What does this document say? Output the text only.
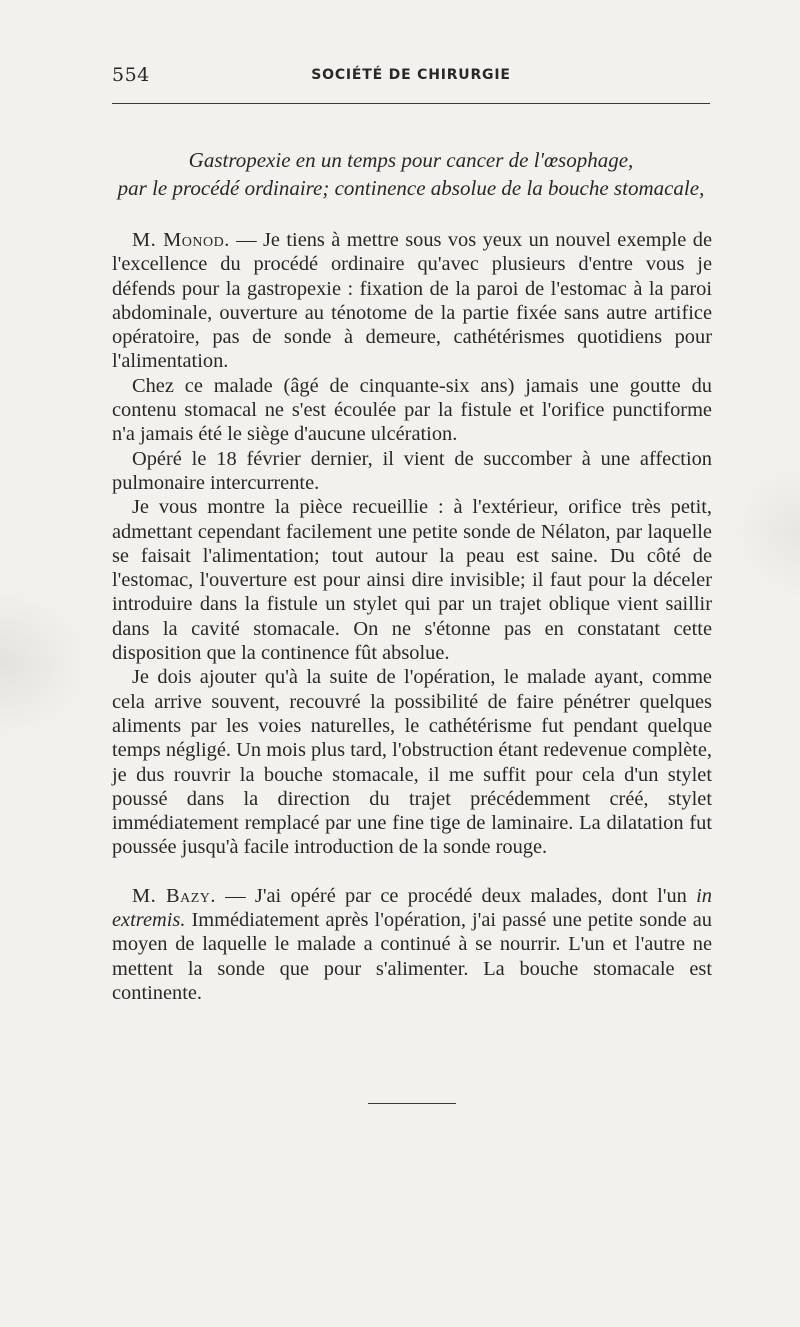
554	SOCIÉTÉ DE CHIRURGIE
Gastropexie en un temps pour cancer de l'œsophage,
par le procédé ordinaire; continence absolue de la bouche stomacale,

M. Monod. — Je tiens à mettre sous vos yeux un nouvel exemple de l'excellence du procédé ordinaire qu'avec plusieurs d'entre vous je défends pour la gastropexie : fixation de la paroi de l'estomac à la paroi abdominale, ouverture au ténotome de la partie fixée sans autre artifice opératoire, pas de sonde à demeure, cathétérismes quotidiens pour l'alimentation.

Chez ce malade (âgé de cinquante-six ans) jamais une goutte du contenu stomacal ne s'est écoulée par la fistule et l'orifice punctiforme n'a jamais été le siège d'aucune ulcération.

Opéré le 18 février dernier, il vient de succomber à une affection pulmonaire intercurrente.

Je vous montre la pièce recueillie : à l'extérieur, orifice très petit, admettant cependant facilement une petite sonde de Nélaton, par laquelle se faisait l'alimentation; tout autour la peau est saine. Du côté de l'estomac, l'ouverture est pour ainsi dire invisible; il faut pour la déceler introduire dans la fistule un stylet qui par un trajet oblique vient saillir dans la cavité stomacale. On ne s'étonne pas en constatant cette disposition que la continence fût absolue.

Je dois ajouter qu'à la suite de l'opération, le malade ayant, comme cela arrive souvent, recouvré la possibilité de faire pénétrer quelques aliments par les voies naturelles, le cathétérisme fut pendant quelque temps négligé. Un mois plus tard, l'obstruction étant redevenue complète, je dus rouvrir la bouche stomacale, il me suffit pour cela d'un stylet poussé dans la direction du trajet précédemment créé, stylet immédiatement remplacé par une fine tige de laminaire. La dilatation fut poussée jusqu'à facile introduction de la sonde rouge.

M. Bazy. — J'ai opéré par ce procédé deux malades, dont l'un in extremis. Immédiatement après l'opération, j'ai passé une petite sonde au moyen de laquelle le malade a continué à se nourrir. L'un et l'autre ne mettent la sonde que pour s'alimenter. La bouche stomacale est continente.
